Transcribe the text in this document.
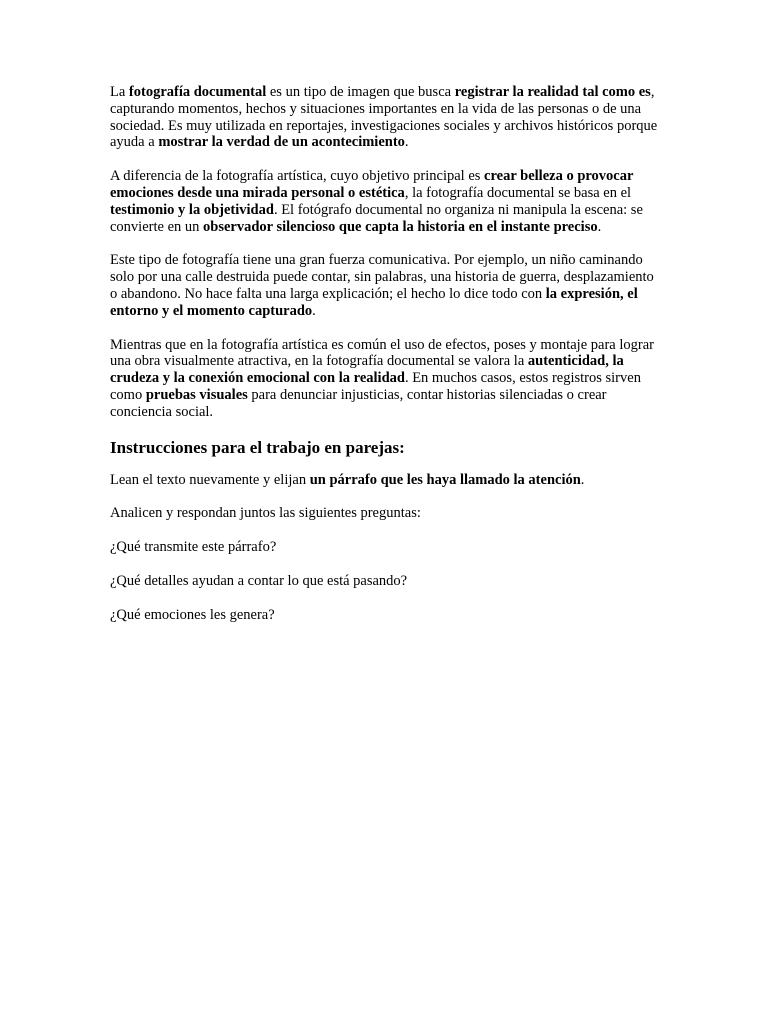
La fotografía documental es un tipo de imagen que busca registrar la realidad tal como es, capturando momentos, hechos y situaciones importantes en la vida de las personas o de una sociedad. Es muy utilizada en reportajes, investigaciones sociales y archivos históricos porque ayuda a mostrar la verdad de un acontecimiento.

A diferencia de la fotografía artística, cuyo objetivo principal es crear belleza o provocar emociones desde una mirada personal o estética, la fotografía documental se basa en el testimonio y la objetividad. El fotógrafo documental no organiza ni manipula la escena: se convierte en un observador silencioso que capta la historia en el instante preciso.

Este tipo de fotografía tiene una gran fuerza comunicativa. Por ejemplo, un niño caminando solo por una calle destruida puede contar, sin palabras, una historia de guerra, desplazamiento o abandono. No hace falta una larga explicación; el hecho lo dice todo con la expresión, el entorno y el momento capturado.

Mientras que en la fotografía artística es común el uso de efectos, poses y montaje para lograr una obra visualmente atractiva, en la fotografía documental se valora la autenticidad, la crudeza y la conexión emocional con la realidad. En muchos casos, estos registros sirven como pruebas visuales para denunciar injusticias, contar historias silenciadas o crear conciencia social.

Instrucciones para el trabajo en parejas:

Lean el texto nuevamente y elijan un párrafo que les haya llamado la atención.

Analicen y respondan juntos las siguientes preguntas:

¿Qué transmite este párrafo?

¿Qué detalles ayudan a contar lo que está pasando?

¿Qué emociones les genera?
